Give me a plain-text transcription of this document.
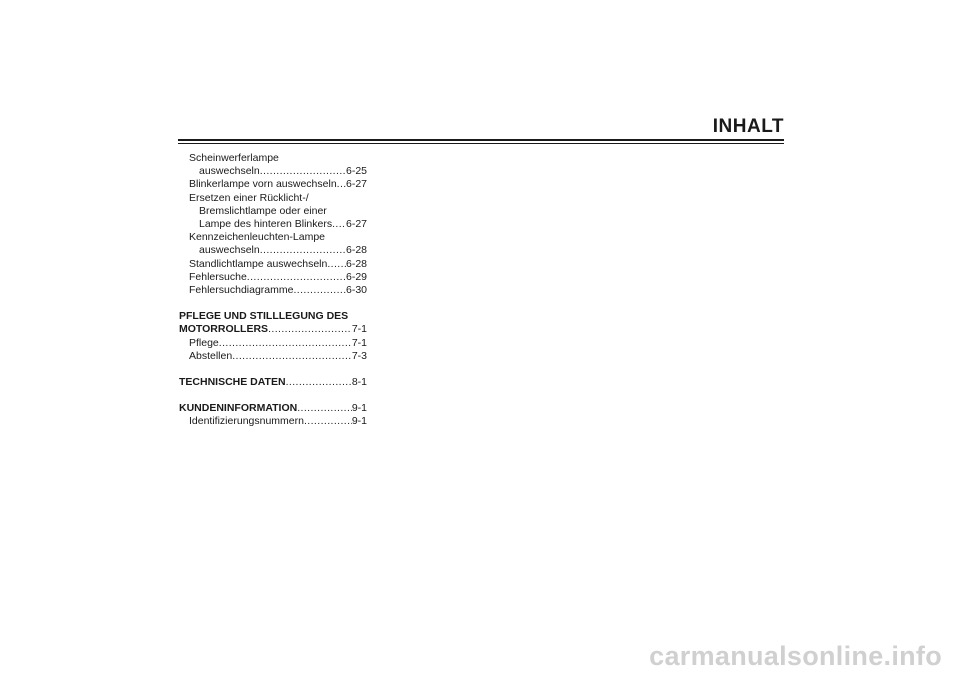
INHALT
Scheinwerferlampe
auswechseln .....	6-25
Blinkerlampe vorn auswechseln ..... 6-27
Ersetzen einer Rücklicht-/
Bremslichtlampe oder einer
Lampe des hinteren Blinkers ..... 6-27
Kennzeichenleuchten-Lampe
auswechseln .....	6-28
Standlichtlampe auswechseln ..... 6-28
Fehlersuche .....	6-29
Fehlersuchdiagramme .....	6-30
PFLEGE UND STILLLEGUNG DES
MOTORROLLERS .....	7-1
Pflege .....	7-1
Abstellen .....	7-3
TECHNISCHE DATEN .....	8-1
KUNDENINFORMATION .....	9-1
Identifizierungsnummern .....	9-1
carmanualsonline.info
